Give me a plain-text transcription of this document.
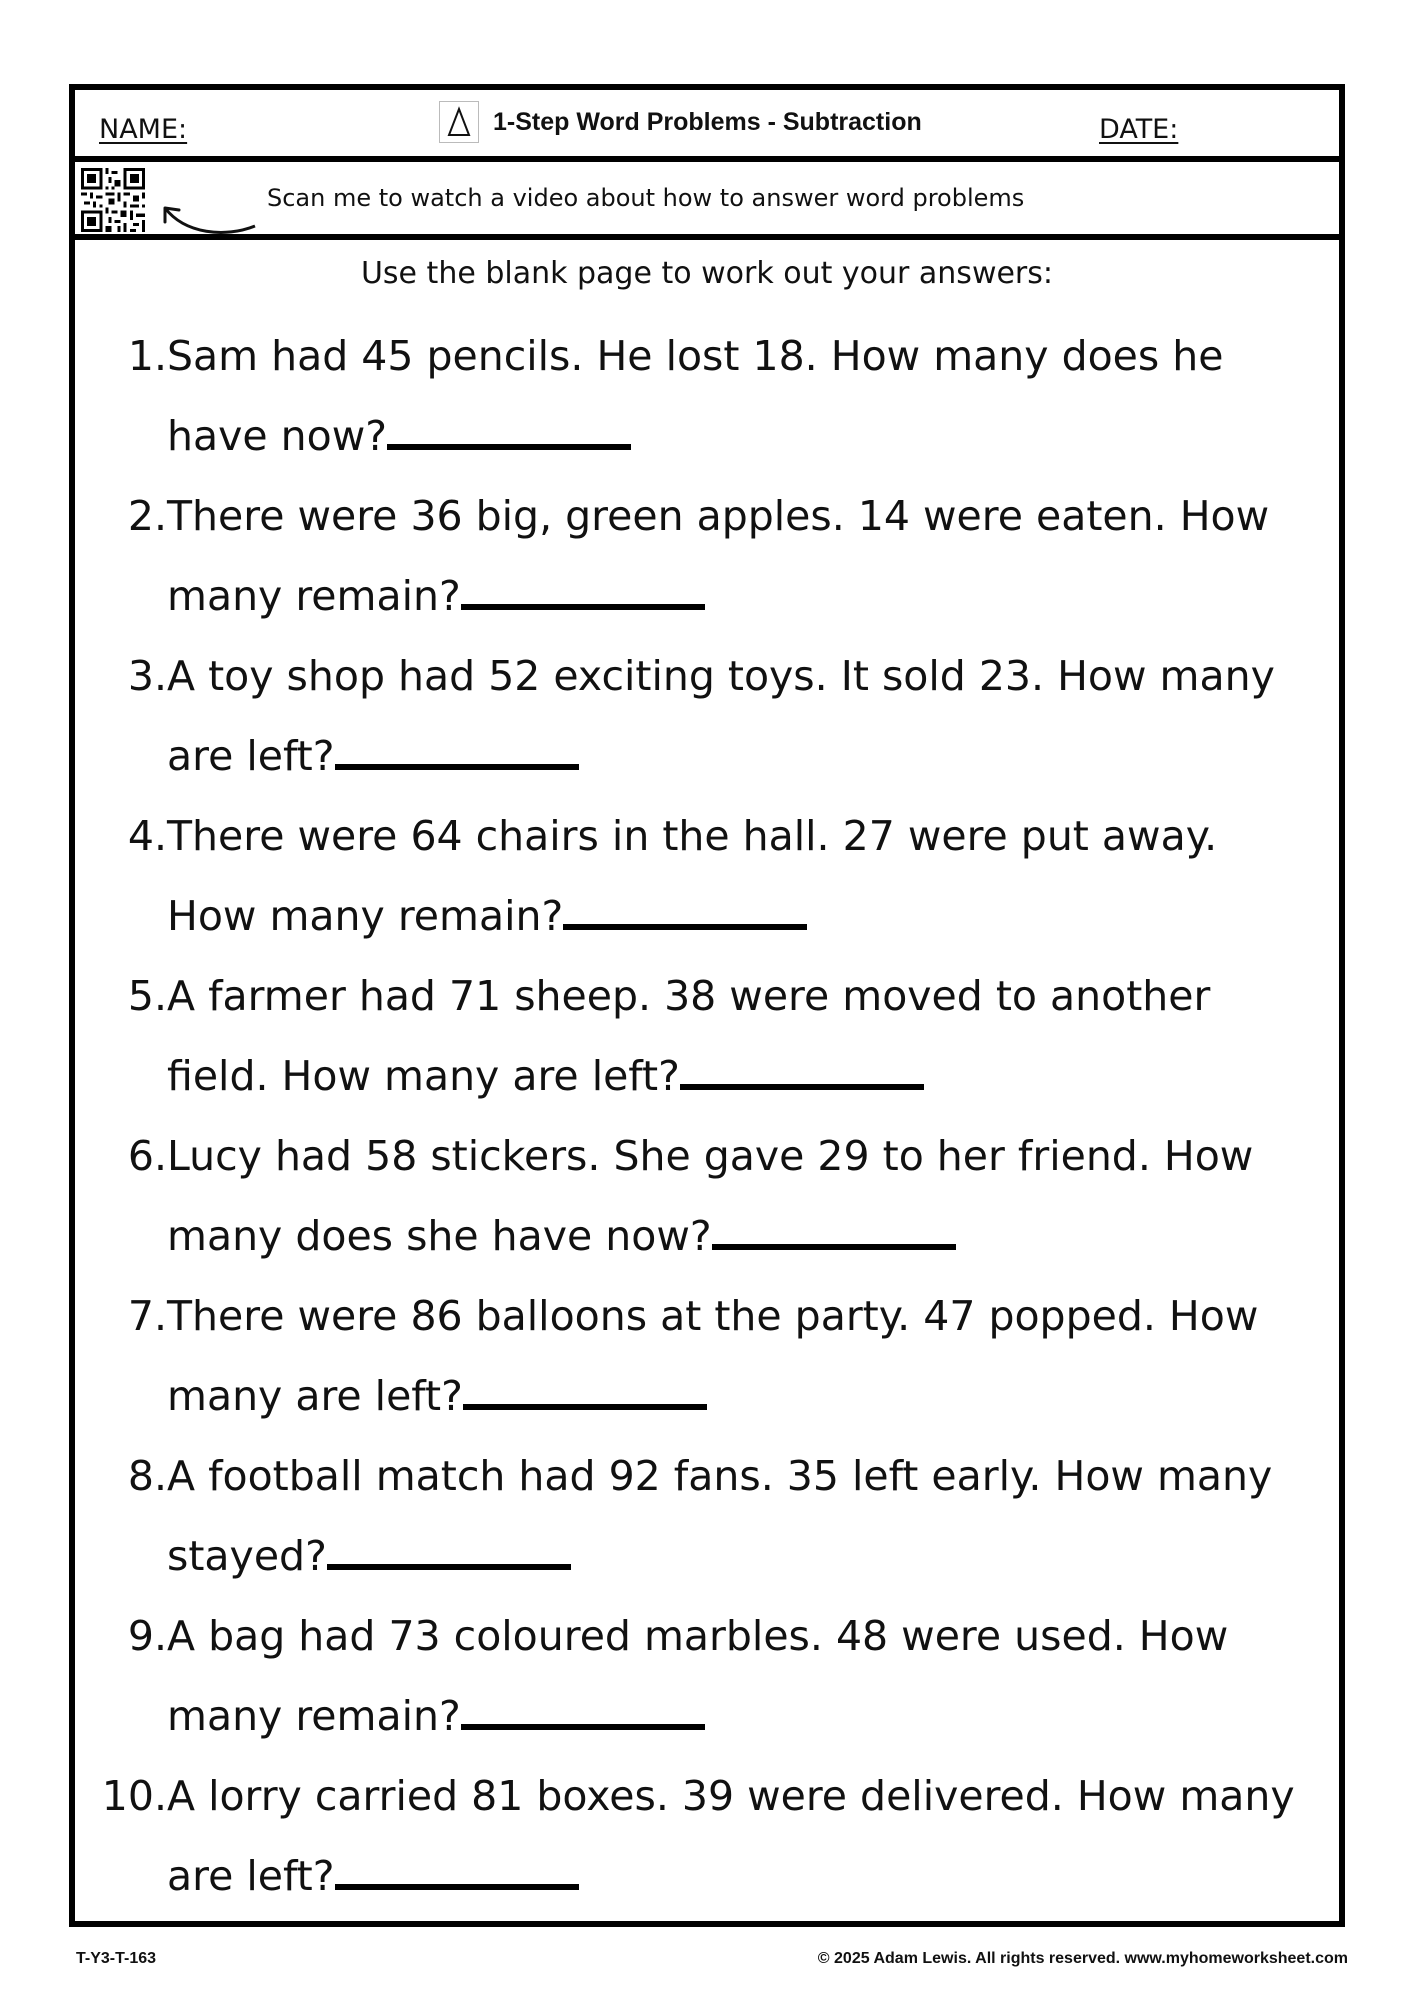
NAME:	1-Step Word Problems - Subtraction	DATE:
Scan me to watch a video about how to answer word problems
Use the blank page to work out your answers:
1. Sam had 45 pencils. He lost 18. How many does he have now?
2. There were 36 big, green apples. 14 were eaten. How many remain?
3. A toy shop had 52 exciting toys. It sold 23. How many are left?
4. There were 64 chairs in the hall. 27 were put away. How many remain?
5. A farmer had 71 sheep. 38 were moved to another field. How many are left?
6. Lucy had 58 stickers. She gave 29 to her friend. How many does she have now?
7. There were 86 balloons at the party. 47 popped. How many are left?
8. A football match had 92 fans. 35 left early. How many stayed?
9. A bag had 73 coloured marbles. 48 were used. How many remain?
10. A lorry carried 81 boxes. 39 were delivered. How many are left?
T-Y3-T-163	© 2025 Adam Lewis. All rights reserved. www.myhomeworksheet.com
